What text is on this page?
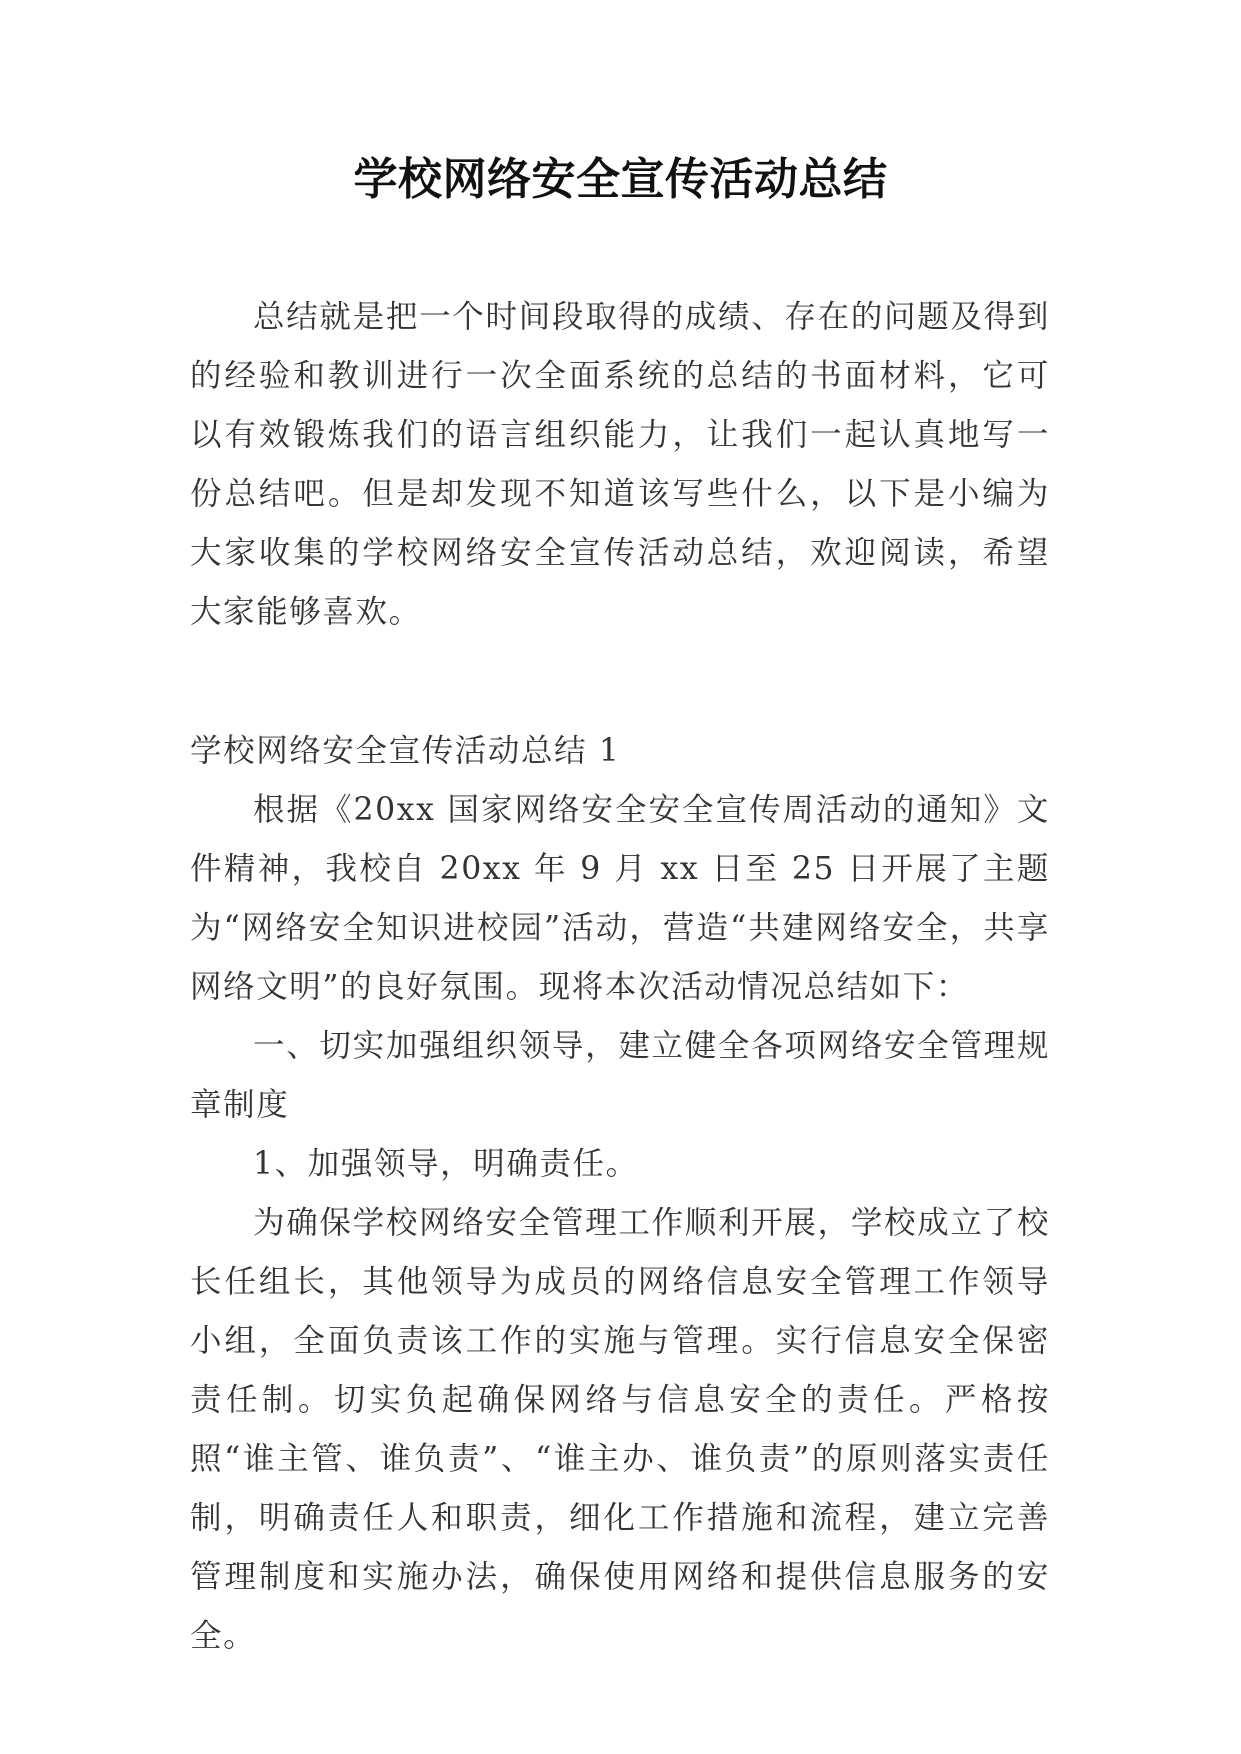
学校网络安全宣传活动总结

总结就是把一个时间段取得的成绩、存在的问题及得到的经验和教训进行一次全面系统的总结的书面材料，它可以有效锻炼我们的语言组织能力，让我们一起认真地写一份总结吧。但是却发现不知道该写些什么，以下是小编为大家收集的学校网络安全宣传活动总结，欢迎阅读，希望大家能够喜欢。

学校网络安全宣传活动总结 1

根据《20xx 国家网络安全安全宣传周活动的通知》文件精神，我校自 20xx 年 9 月 xx 日至 25 日开展了主题为“网络安全知识进校园”活动，营造“共建网络安全，共享网络文明”的良好氛围。现将本次活动情况总结如下：

一、切实加强组织领导，建立健全各项网络安全管理规章制度

1、加强领导，明确责任。

为确保学校网络安全管理工作顺利开展，学校成立了校长任组长，其他领导为成员的网络信息安全管理工作领导小组，全面负责该工作的实施与管理。实行信息安全保密责任制。切实负起确保网络与信息安全的责任。严格按照“谁主管、谁负责”、“谁主办、谁负责”的原则落实责任制，明确责任人和职责，细化工作措施和流程，建立完善管理制度和实施办法，确保使用网络和提供信息服务的安全。
